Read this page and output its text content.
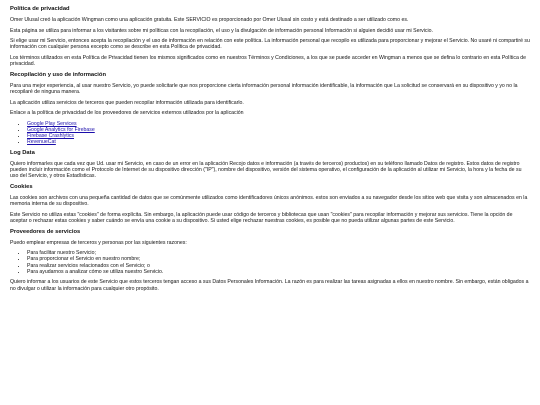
Política de privacidad

Omer Ulusal creó la aplicación Wingman como una aplicación gratuita. Este SERVICIO es proporcionado por Omer Ulusal sin costo y está destinado a ser utilizado como es.

Esta página se utiliza para informar a los visitantes sobre mi políticas con la recopilación, el uso y la divulgación de información personal Información si alguien decidió usar mi Servicio.

Si elige usar mi Servicio, entonces acepta la recopilación y el uso de información en relación con este política. La información personal que recopilo es utilizada para proporcionar y mejorar el Servicio. No usaré ni compartiré su información con cualquier persona excepto como se describe en esta Política de privacidad.

Los términos utilizados en esta Política de Privacidad tienen los mismos significados como en nuestros Términos y Condiciones, a los que se puede acceder en Wingman a menos que se defina lo contrario en esta Política de privacidad.

Recopilación y uso de información

Para una mejor experiencia, al usar nuestro Servicio, yo puede solicitarle que nos proporcione cierta información personal información identificable, la información que La solicitud se conservará en su dispositivo y yo no la recopilaré de ninguna manera.

La aplicación utiliza servicios de terceros que pueden recopilar información utilizada para identificarlo.

Enlace a la política de privacidad de los proveedores de servicios externos utilizados por la aplicación

• Google Play Services
• Google Analytics for Firebase
• Firebase Crashlytics
• RevenueCat
Log Data

Quiero informarles que cada vez que Ud. usar mi Servicio, en caso de un error en la aplicación Recojo datos e información (a través de terceros) productos) en su teléfono llamado Datos de registro. Estos datos de registro pueden incluir información como el Protocolo de Internet de su dispositivo dirección ("IP"), nombre del dispositivo, versión del sistema operativo, el configuración de la aplicación al utilizar mi Servicio, la hora y la fecha de su uso del Servicio, y otros Estadísticas.

Cookies

Las cookies son archivos con una pequeña cantidad de datos que se comúnmente utilizados como identificadores únicos anónimos. estos son enviados a su navegador desde los sitios web que visita y son almacenados en la memoria interna de su dispositivo.

Este Servicio no utiliza estas "cookies" de forma explícita. Sin embargo, la aplicación puede usar código de terceros y bibliotecas que usan "cookies" para recopilar información y mejorar sus servicios. Tiene la opción de aceptar o rechazar estas cookies y saber cuándo se envía una cookie a su dispositivo. Si usted elige rechazar nuestras cookies, es posible que no pueda utilizar algunas partes de este Servicio.

Proveedores de servicios

Puedo emplear empresas de terceros y personas por las siguientes razones:

• Para facilitar nuestro Servicio;
• Para proporcionar el Servicio en nuestro nombre;
• Para realizar servicios relacionados con el Servicio; o
• Para ayudarnos a analizar cómo se utiliza nuestro Servicio.

Quiero informar a los usuarios de este Servicio que estos terceros tengan acceso a sus Datos Personales Información. La razón es para realizar las tareas asignadas a ellos en nuestro nombre. Sin embargo, están obligados a no divulgar o utilizar la información para cualquier otro propósito.
